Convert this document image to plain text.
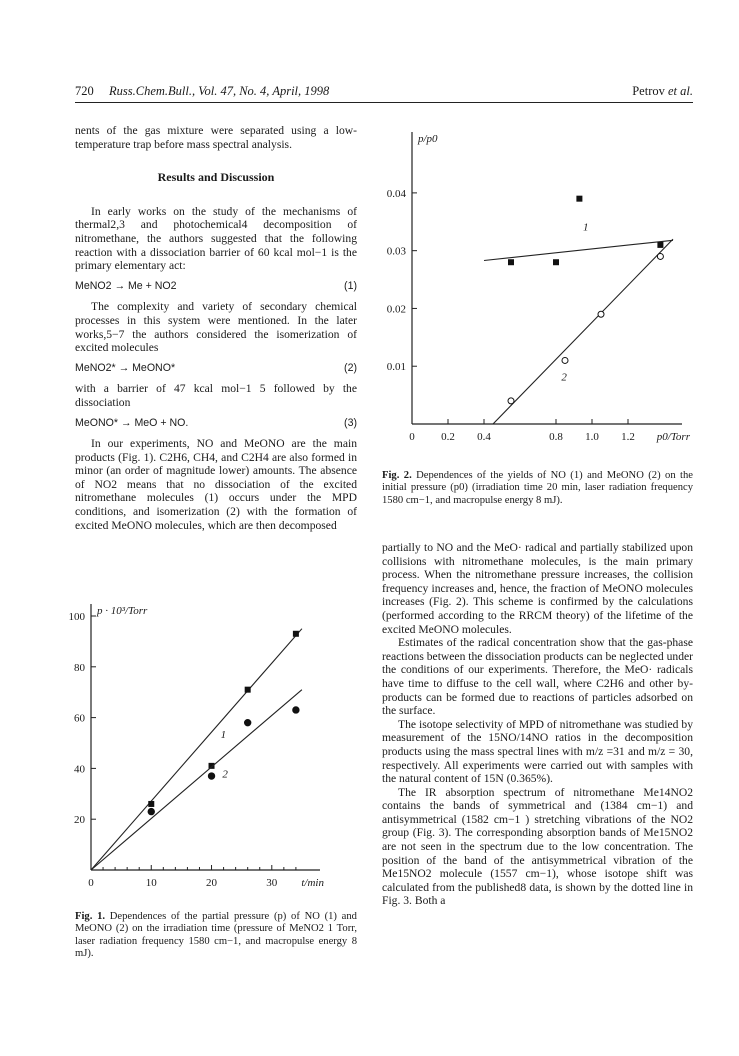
720 Russ.Chem.Bull., Vol. 47, No. 4, April, 1998	Petrov et al.

nents of the gas mixture were separated using a low-temperature trap before mass spectral analysis.

Results and Discussion

In early works on the study of the mechanisms of thermal2,3 and photochemical4 decomposition of nitromethane, the authors suggested that the following reaction with a dissociation barrier of 60 kcal mol−1 is the primary elementary act:

MeNO2 → Me + NO2	(1)

The complexity and variety of secondary chemical processes in this system were mentioned. In the later works,5−7 the authors considered the isomerization of excited molecules

MeNO2* → MeONO*	(2)

with a barrier of 47 kcal mol−1 5 followed by the dissociation

MeONO* → MeO + NO.	(3)

In our experiments, NO and MeONO are the main products (Fig. 1). C2H6, CH4, and C2H4 are also formed in minor (an order of magnitude lower) amounts. The absence of NO2 means that no dissociation of the excited nitromethane molecules (1) occurs under the MPD conditions, and isomerization (2) with the formation of excited MeONO molecules, which are then decomposed

20
40
60
80
100
0	10	20	30
p · 10³/Torr
t/min
1
2
Fig. 1. Dependences of the partial pressure (p) of NO (1) and MeONO (2) on the irradiation time (pressure of MeNO2 1 Torr, laser radiation frequency 1580 cm−1, and macropulse energy 8 mJ).
0.01
0.02
0.03
0.04
0 0.2 0.4	0.8 1.0 1.2
p/p0
p0/Torr
1
2
Fig. 2. Dependences of the yields of NO (1) and MeONO (2) on the initial pressure (p0) (irradiation time 20 min, laser radiation frequency 1580 cm−1, and macropulse energy 8 mJ).

partially to NO and the MeO· radical and partially stabilized upon collisions with nitromethane molecules, is the main primary process. When the nitromethane pressure increases, the collision frequency increases and, hence, the fraction of MeONO molecules increases (Fig. 2). This scheme is confirmed by the calculations (performed according to the RRCM theory) of the lifetime of the excited MeONO molecules.

Estimates of the radical concentration show that the gas-phase reactions between the dissociation products can be neglected under the conditions of our experiments. Therefore, the MeO· radicals have time to diffuse to the cell wall, where C2H6 and other by-products can be formed due to reactions of particles adsorbed on the surface.

The isotope selectivity of MPD of nitromethane was studied by measurement of the 15NO/14NO ratios in the decomposition products using the mass spectral lines with m/z =31 and m/z = 30, respectively. All experiments were carried out with samples with the natural content of 15N (0.365%).

The IR absorption spectrum of nitromethane Me14NO2 contains the bands of symmetrical and (1384 cm−1) and antisymmetrical (1582 cm−1 ) stretching vibrations of the NO2 group (Fig. 3). The corresponding absorption bands of Me15NO2 are not seen in the spectrum due to the low concentration. The position of the band of the antisymmetrical vibration of the Me15NO2 molecule (1557 cm−1), whose isotope shift was calculated from the published8 data, is shown by the dotted line in Fig. 3. Both a
